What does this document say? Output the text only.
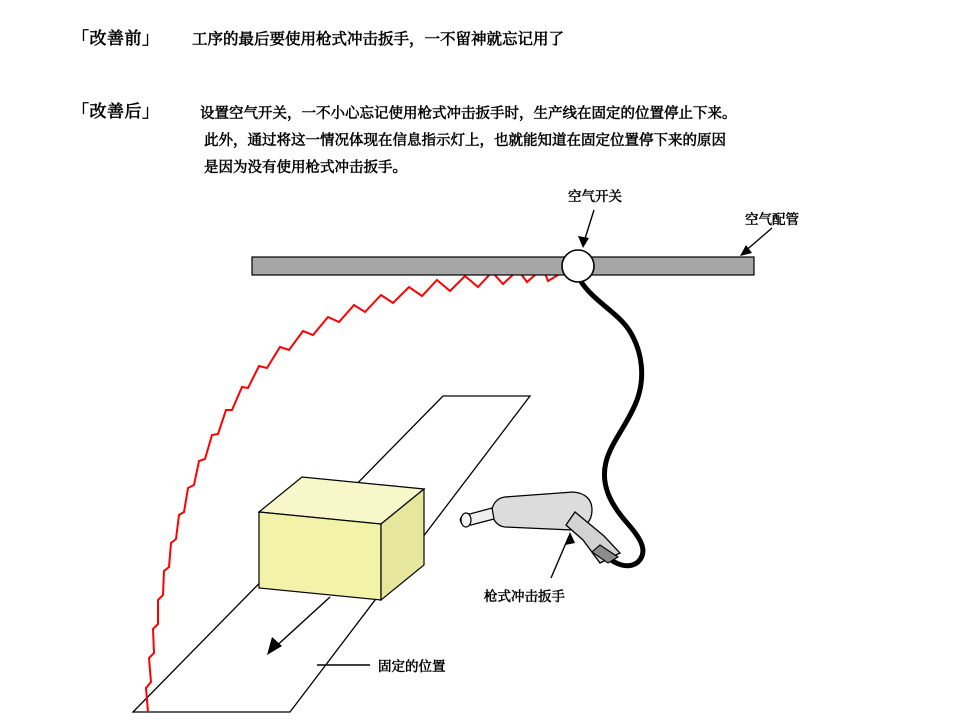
「改善前」 工序的最后要使用枪式冲击扳手，一不留神就忘记用了
「改善后」	设置空气开关，一不小心忘记使用枪式冲击扳手时，生产线在固定的位置停止下来。
此外，通过将这一情况体现在信息指示灯上，也就能知道在固定位置停下来的原因
是因为没有使用枪式冲击扳手。
空气开关
空气配管
枪式冲击扳手
固定的位置
